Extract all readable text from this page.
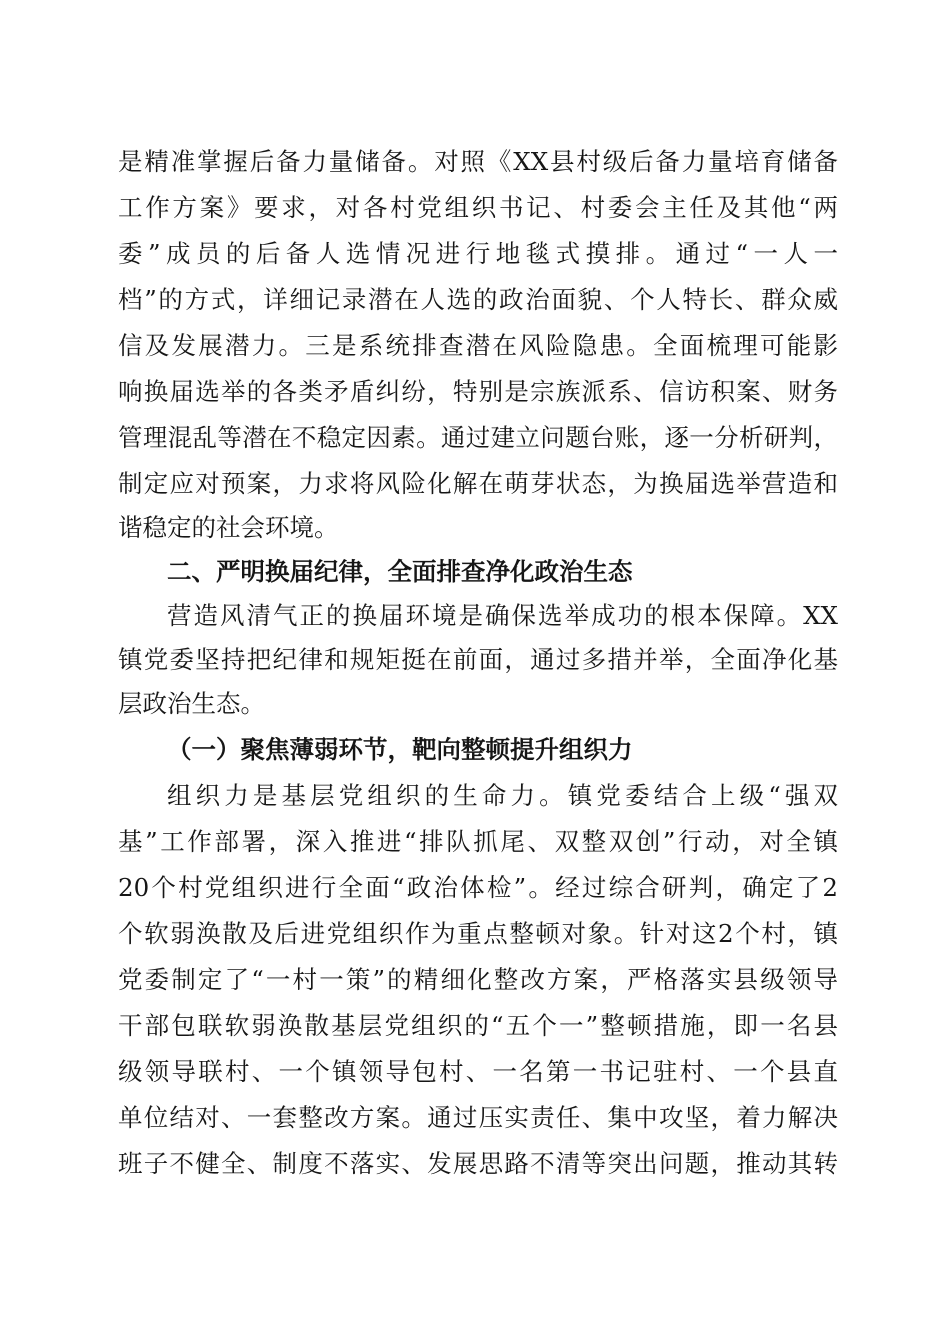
是精准掌握后备力量储备。对照《XX县村级后备力量培育储备
工作方案》要求，对各村党组织书记、村委会主任及其他“两
委”成员的后备人选情况进行地毯式摸排。通过“一人一
档”的方式，详细记录潜在人选的政治面貌、个人特长、群众威
信及发展潜力。三是系统排查潜在风险隐患。全面梳理可能影
响换届选举的各类矛盾纠纷，特别是宗族派系、信访积案、财务
管理混乱等潜在不稳定因素。通过建立问题台账，逐一分析研判，
制定应对预案，力求将风险化解在萌芽状态，为换届选举营造和
谐稳定的社会环境。
二、严明换届纪律，全面排查净化政治生态
营造风清气正的换届环境是确保选举成功的根本保障。XX
镇党委坚持把纪律和规矩挺在前面，通过多措并举，全面净化基
层政治生态。
（一）聚焦薄弱环节，靶向整顿提升组织力
组织力是基层党组织的生命力。镇党委结合上级“强双
基”工作部署，深入推进“排队抓尾、双整双创”行动，对全镇
20个村党组织进行全面“政治体检”。经过综合研判，确定了2
个软弱涣散及后进党组织作为重点整顿对象。针对这2个村，镇
党委制定了“一村一策”的精细化整改方案，严格落实县级领导
干部包联软弱涣散基层党组织的“五个一”整顿措施，即一名县
级领导联村、一个镇领导包村、一名第一书记驻村、一个县直
单位结对、一套整改方案。通过压实责任、集中攻坚，着力解决
班子不健全、制度不落实、发展思路不清等突出问题，推动其转
